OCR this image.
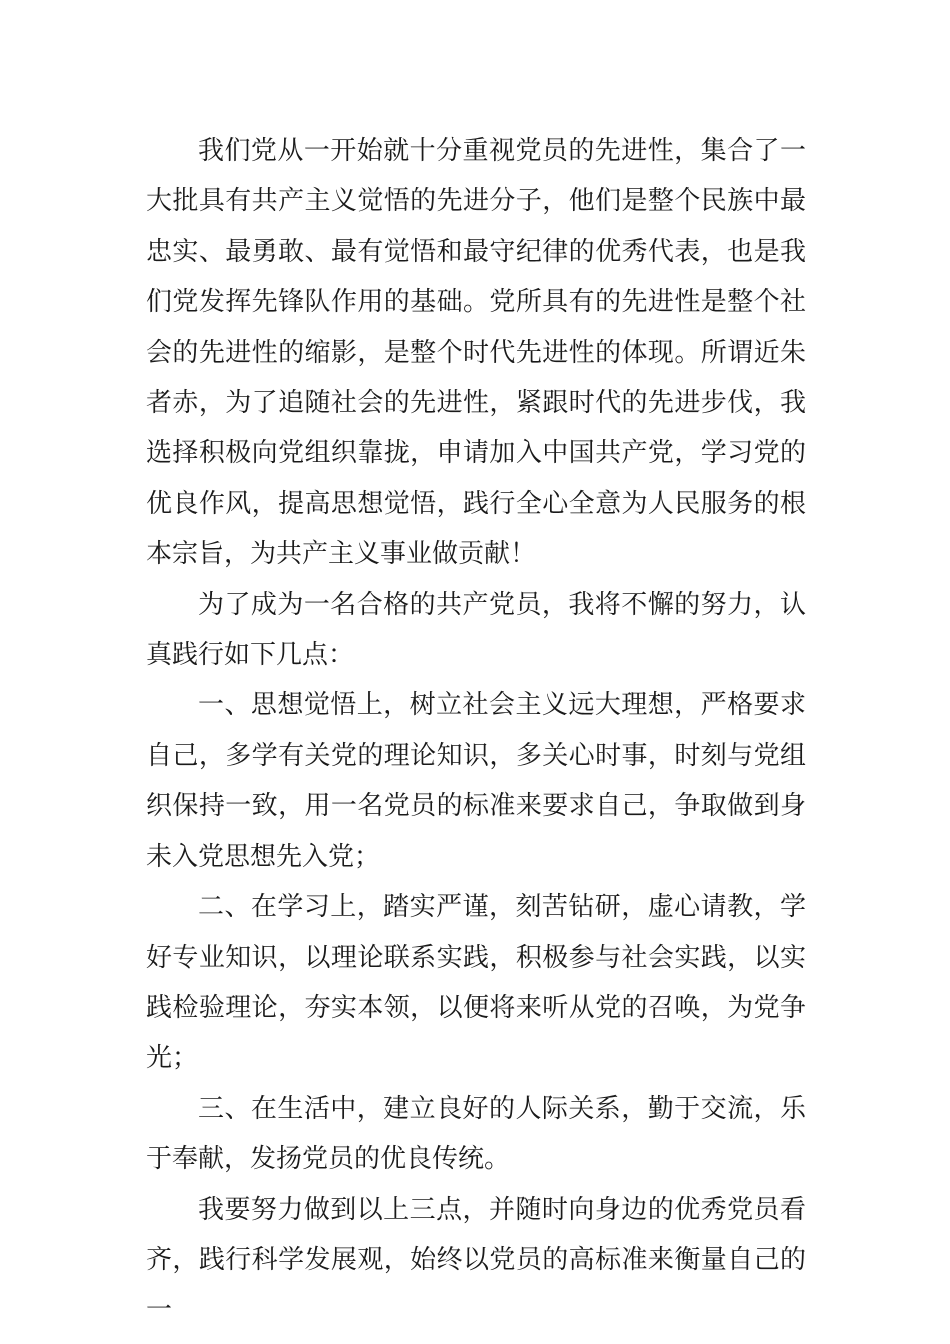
我们党从一开始就十分重视党员的先进性，集合了一大批具有共产主义觉悟的先进分子，他们是整个民族中最忠实、最勇敢、最有觉悟和最守纪律的优秀代表，也是我们党发挥先锋队作用的基础。党所具有的先进性是整个社会的先进性的缩影，是整个时代先进性的体现。所谓近朱者赤，为了追随社会的先进性，紧跟时代的先进步伐，我选择积极向党组织靠拢，申请加入中国共产党，学习党的优良作风，提高思想觉悟，践行全心全意为人民服务的根本宗旨，为共产主义事业做贡献！

为了成为一名合格的共产党员，我将不懈的努力，认真践行如下几点：

一、思想觉悟上，树立社会主义远大理想，严格要求自己，多学有关党的理论知识，多关心时事，时刻与党组织保持一致，用一名党员的标准来要求自己，争取做到身未入党思想先入党；

二、在学习上，踏实严谨，刻苦钻研，虚心请教，学好专业知识，以理论联系实践，积极参与社会实践，以实践检验理论，夯实本领，以便将来听从党的召唤，为党争光；

三、在生活中，建立良好的人际关系，勤于交流，乐于奉献，发扬党员的优良传统。

我要努力做到以上三点，并随时向身边的优秀党员看齐，践行科学发展观，始终以党员的高标准来衡量自己的一
